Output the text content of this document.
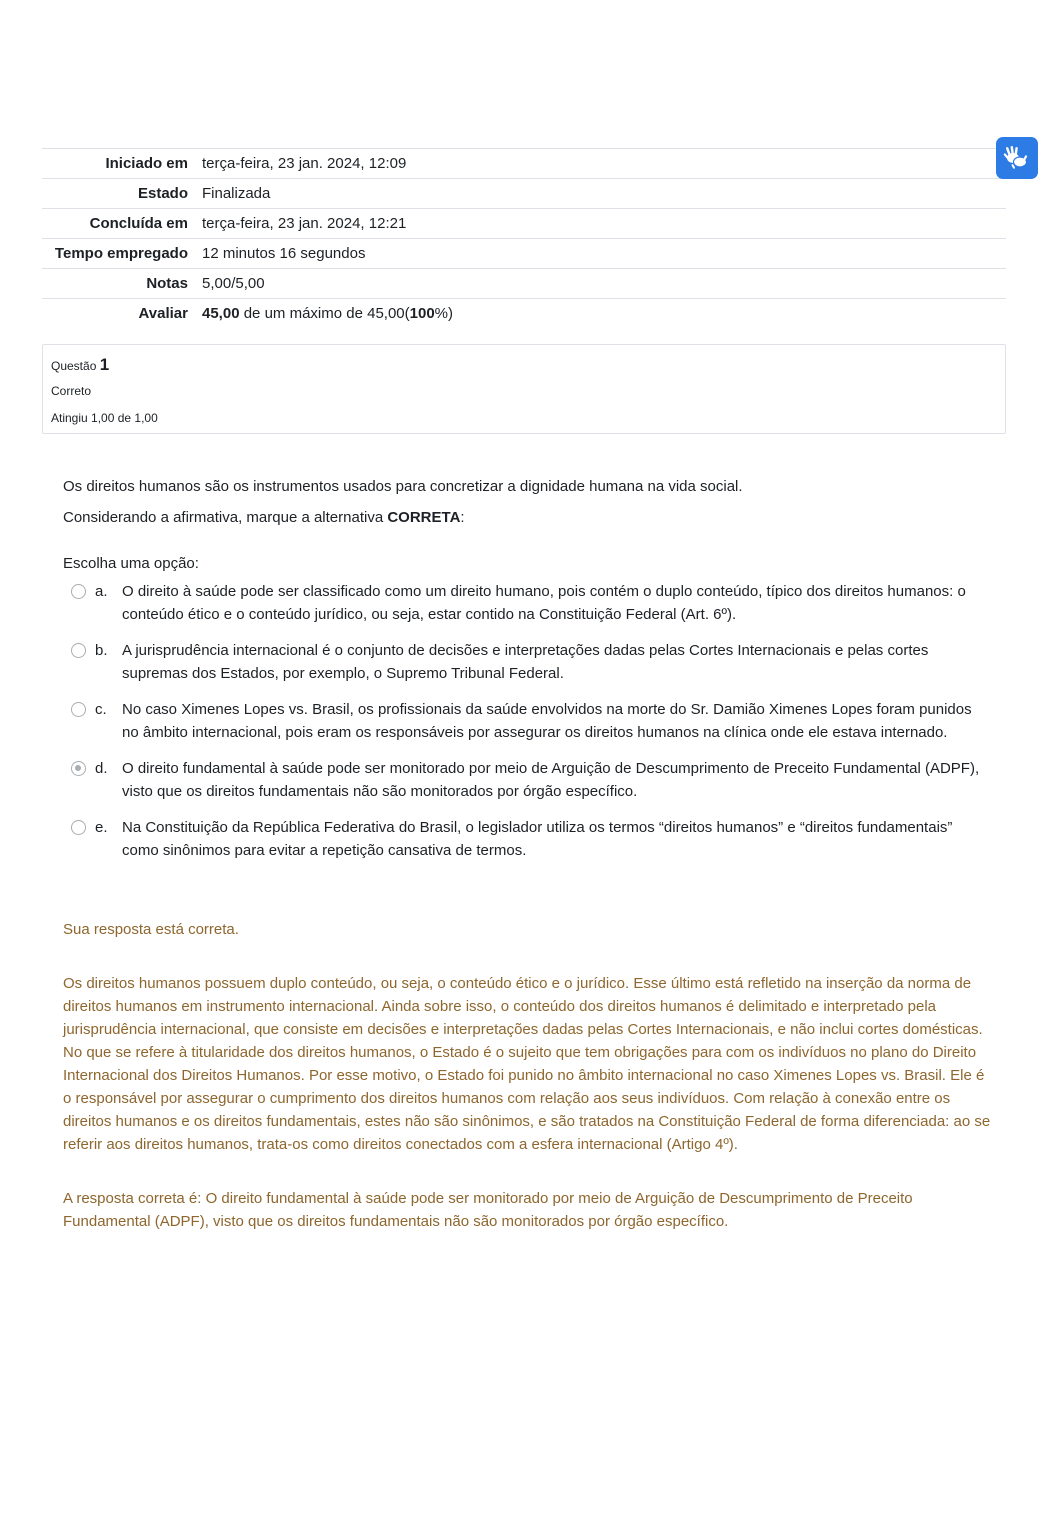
Iniciado em	terça-feira, 23 jan. 2024, 12:09
Estado	Finalizada
Concluída em	terça-feira, 23 jan. 2024, 12:21
Tempo empregado	12 minutos 16 segundos
Notas	5,00/5,00
Avaliar	45,00 de um máximo de 45,00(100%)
Questão 1
Correto
Atingiu 1,00 de 1,00

Os direitos humanos são os instrumentos usados para concretizar a dignidade humana na vida social.

Considerando a afirmativa, marque a alternativa CORRETA:

Escolha uma opção:
a. O direito à saúde pode ser classificado como um direito humano, pois contém o duplo conteúdo, típico dos direitos humanos: o conteúdo ético e o conteúdo jurídico, ou seja, estar contido na Constituição Federal (Art. 6º).
b. A jurisprudência internacional é o conjunto de decisões e interpretações dadas pelas Cortes Internacionais e pelas cortes supremas dos Estados, por exemplo, o Supremo Tribunal Federal.
c.	No caso Ximenes Lopes vs. Brasil, os profissionais da saúde envolvidos na morte do Sr. Damião Ximenes Lopes foram punidos no âmbito internacional, pois eram os responsáveis por assegurar os direitos humanos na clínica onde ele estava internado.
d. O direito fundamental à saúde pode ser monitorado por meio de Arguição de Descumprimento de Preceito Fundamental (ADPF), visto que os direitos fundamentais não são monitorados por órgão específico.
e. Na Constituição da República Federativa do Brasil, o legislador utiliza os termos “direitos humanos” e “direitos fundamentais” como sinônimos para evitar a repetição cansativa de termos.
Sua resposta está correta.
Os direitos humanos possuem duplo conteúdo, ou seja, o conteúdo ético e o jurídico. Esse último está refletido na inserção da norma de direitos humanos em instrumento internacional. Ainda sobre isso, o conteúdo dos direitos humanos é delimitado e interpretado pela jurisprudência internacional, que consiste em decisões e interpretações dadas pelas Cortes Internacionais, e não inclui cortes domésticas. No que se refere à titularidade dos direitos humanos, o Estado é o sujeito que tem obrigações para com os indivíduos no plano do Direito Internacional dos Direitos Humanos. Por esse motivo, o Estado foi punido no âmbito internacional no caso Ximenes Lopes vs. Brasil. Ele é o responsável por assegurar o cumprimento dos direitos humanos com relação aos seus indivíduos. Com relação à conexão entre os direitos humanos e os direitos fundamentais, estes não são sinônimos, e são tratados na Constituição Federal de forma diferenciada: ao se referir aos direitos humanos, trata-os como direitos conectados com a esfera internacional (Artigo 4º).
A resposta correta é: O direito fundamental à saúde pode ser monitorado por meio de Arguição de Descumprimento de Preceito Fundamental (ADPF), visto que os direitos fundamentais não são monitorados por órgão específico.
